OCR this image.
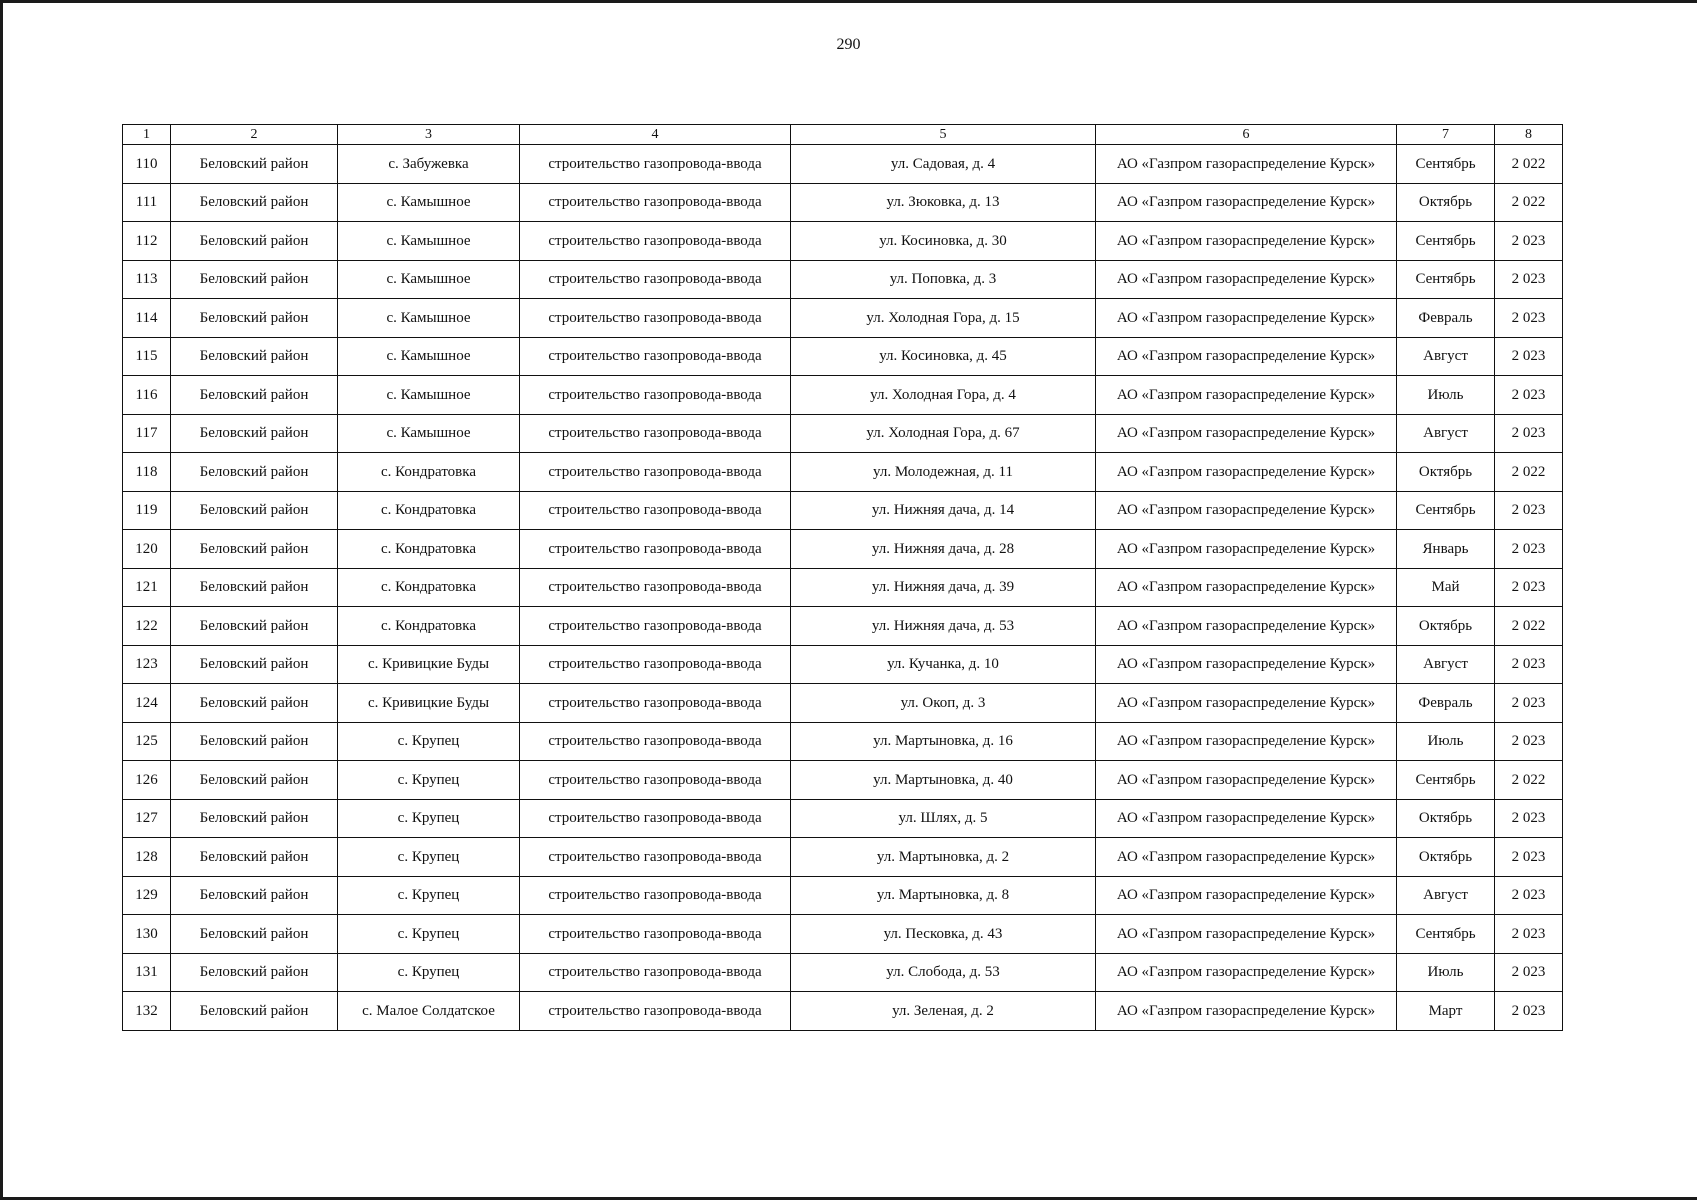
290
1	2	3	4	5	6	7	8
110	Беловский район	с. Забужевка	строительство газопровода-ввода	ул. Садовая, д. 4	АО «Газпром газораспределение Курск»	Сентябрь	2 022
111	Беловский район	с. Камышное	строительство газопровода-ввода	ул. Зюковка, д. 13	АО «Газпром газораспределение Курск»	Октябрь	2 022
112	Беловский район	с. Камышное	строительство газопровода-ввода	ул. Косиновка, д. 30	АО «Газпром газораспределение Курск»	Сентябрь	2 023
113	Беловский район	с. Камышное	строительство газопровода-ввода	ул. Поповка, д. 3	АО «Газпром газораспределение Курск»	Сентябрь	2 023
114	Беловский район	с. Камышное	строительство газопровода-ввода	ул. Холодная Гора, д. 15	АО «Газпром газораспределение Курск»	Февраль	2 023
115	Беловский район	с. Камышное	строительство газопровода-ввода	ул. Косиновка, д. 45	АО «Газпром газораспределение Курск»	Август	2 023
116	Беловский район	с. Камышное	строительство газопровода-ввода	ул. Холодная Гора, д. 4	АО «Газпром газораспределение Курск»	Июль	2 023
117	Беловский район	с. Камышное	строительство газопровода-ввода	ул. Холодная Гора, д. 67	АО «Газпром газораспределение Курск»	Август	2 023
118	Беловский район	с. Кондратовка	строительство газопровода-ввода	ул. Молодежная, д. 11	АО «Газпром газораспределение Курск»	Октябрь	2 022
119	Беловский район	с. Кондратовка	строительство газопровода-ввода	ул. Нижняя дача, д. 14	АО «Газпром газораспределение Курск»	Сентябрь	2 023
120	Беловский район	с. Кондратовка	строительство газопровода-ввода	ул. Нижняя дача, д. 28	АО «Газпром газораспределение Курск»	Январь	2 023
121	Беловский район	с. Кондратовка	строительство газопровода-ввода	ул. Нижняя дача, д. 39	АО «Газпром газораспределение Курск»	Май	2 023
122	Беловский район	с. Кондратовка	строительство газопровода-ввода	ул. Нижняя дача, д. 53	АО «Газпром газораспределение Курск»	Октябрь	2 022
123	Беловский район	с. Кривицкие Буды	строительство газопровода-ввода	ул. Кучанка, д. 10	АО «Газпром газораспределение Курск»	Август	2 023
124	Беловский район	с. Кривицкие Буды	строительство газопровода-ввода	ул. Окоп, д. 3	АО «Газпром газораспределение Курск»	Февраль	2 023
125	Беловский район	с. Крупец	строительство газопровода-ввода	ул. Мартыновка, д. 16	АО «Газпром газораспределение Курск»	Июль	2 023
126	Беловский район	с. Крупец	строительство газопровода-ввода	ул. Мартыновка, д. 40	АО «Газпром газораспределение Курск»	Сентябрь	2 022
127	Беловский район	с. Крупец	строительство газопровода-ввода	ул. Шлях, д. 5	АО «Газпром газораспределение Курск»	Октябрь	2 023
128	Беловский район	с. Крупец	строительство газопровода-ввода	ул. Мартыновка, д. 2	АО «Газпром газораспределение Курск»	Октябрь	2 023
129	Беловский район	с. Крупец	строительство газопровода-ввода	ул. Мартыновка, д. 8	АО «Газпром газораспределение Курск»	Август	2 023
130	Беловский район	с. Крупец	строительство газопровода-ввода	ул. Песковка, д. 43	АО «Газпром газораспределение Курск»	Сентябрь	2 023
131	Беловский район	с. Крупец	строительство газопровода-ввода	ул. Слобода, д. 53	АО «Газпром газораспределение Курск»	Июль	2 023
132	Беловский район	с. Малое Солдатское	строительство газопровода-ввода	ул. Зеленая, д. 2	АО «Газпром газораспределение Курск»	Март	2 023
